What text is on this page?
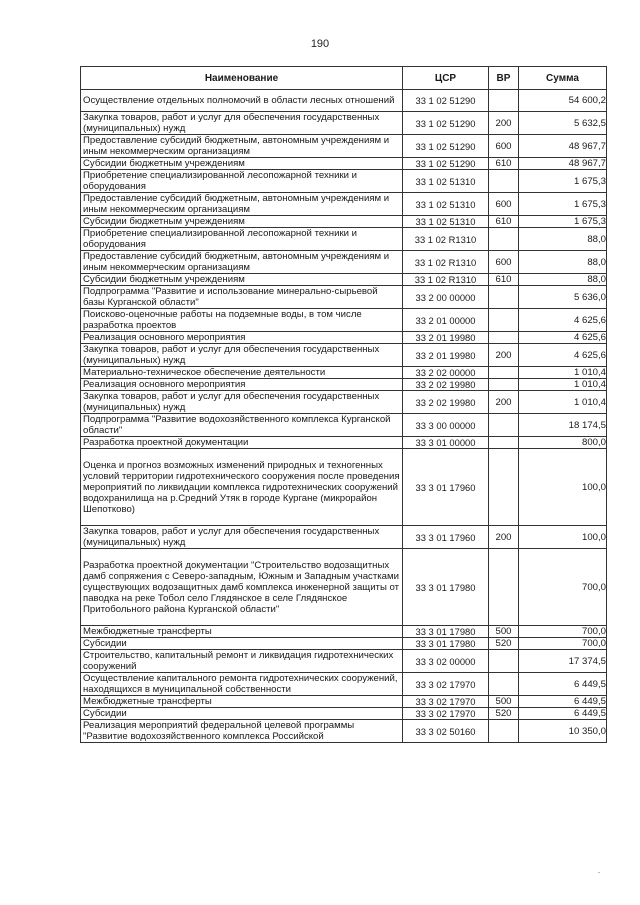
190
Наименование	ЦСР	ВР	Сумма
Осуществление отдельных полномочий в области лесных отношений	33 1 02 51290		54 600,2
Закупка товаров, работ и услуг для обеспечения государственных (муниципальных) нужд	33 1 02 51290	200	5 632,5
Предоставление субсидий бюджетным, автономным учреждениям и иным некоммерческим организациям	33 1 02 51290	600	48 967,7
Субсидии бюджетным учреждениям	33 1 02 51290	610	48 967,7
Приобретение специализированной лесопожарной техники и оборудования	33 1 02 51310		1 675,3
Предоставление субсидий бюджетным, автономным учреждениям и иным некоммерческим организациям	33 1 02 51310	600	1 675,3
Субсидии бюджетным учреждениям	33 1 02 51310	610	1 675,3
Приобретение специализированной лесопожарной техники и оборудования	33 1 02 R1310		88,0
Предоставление субсидий бюджетным, автономным учреждениям и иным некоммерческим организациям	33 1 02 R1310	600	88,0
Субсидии бюджетным учреждениям	33 1 02 R1310	610	88,0
Подпрограмма "Развитие и использование минерально-сырьевой базы Курганской области"	33 2 00 00000		5 636,0
Поисково-оценочные работы на подземные воды, в том числе разработка проектов	33 2 01 00000		4 625,6
Реализация основного мероприятия	33 2 01 19980		4 625,6
Закупка товаров, работ и услуг для обеспечения государственных (муниципальных) нужд	33 2 01 19980	200	4 625,6
Материально-техническое обеспечение деятельности	33 2 02 00000		1 010,4
Реализация основного мероприятия	33 2 02 19980		1 010,4
Закупка товаров, работ и услуг для обеспечения государственных (муниципальных) нужд	33 2 02 19980	200	1 010,4
Подпрограмма "Развитие водохозяйственного комплекса Курганской области"	33 3 00 00000		18 174,5
Разработка проектной документации	33 3 01 00000		800,0
Оценка и прогноз возможных изменений природных и техногенных условий территории гидротехнического сооружения после проведения мероприятий по ликвидации комплекса гидротехнических сооружений водохранилища на р.Средний Утяк в городе Кургане (микрорайон Шепотково)	33 3 01 17960		100,0
Закупка товаров, работ и услуг для обеспечения государственных (муниципальных) нужд	33 3 01 17960	200	100,0
Разработка проектной документации "Строительство водозащитных дамб сопряжения с Северо-западным, Южным и Западным участками существующих водозащитных дамб комплекса инженерной защиты от паводка на реке Тобол село Глядянское в селе Глядянское Притобольного района Курганской области"	33 3 01 17980		700,0
Межбюджетные трансферты	33 3 01 17980	500	700,0
Субсидии	33 3 01 17980	520	700,0
Строительство, капитальный ремонт и ликвидация гидротехнических сооружений	33 3 02 00000		17 374,5
Осуществление капитального ремонта гидротехнических сооружений, находящихся в муниципальной собственности	33 3 02 17970		6 449,5
Межбюджетные трансферты	33 3 02 17970	500	6 449,5
Субсидии	33 3 02 17970	520	6 449,5
Реализация мероприятий федеральной целевой программы "Развитие водохозяйственного комплекса Российской	33 3 02 50160		10 350,0
